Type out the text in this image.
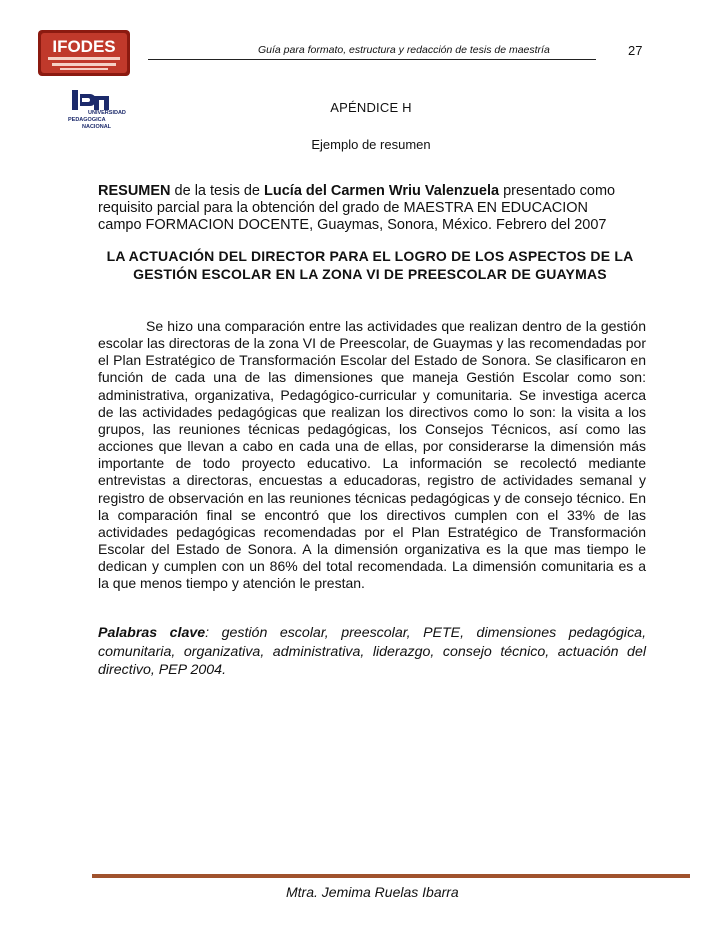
IFODES
UNIVERSIDAD
PEDAGOGICA
NACIONAL
Guía para formato, estructura y redacción de tesis de maestría	27
APÉNDICE H
Ejemplo de resumen
RESUMEN de la tesis de Lucía del Carmen Wriu Valenzuela presentado como requisito parcial para la obtención del grado de MAESTRA EN EDUCACION campo FORMACION DOCENTE, Guaymas, Sonora, México. Febrero del 2007
LA ACTUACIÓN DEL DIRECTOR PARA EL LOGRO DE LOS ASPECTOS DE LA GESTIÓN ESCOLAR EN LA ZONA VI DE PREESCOLAR DE GUAYMAS
Se hizo una comparación entre las actividades que realizan dentro de la gestión escolar las directoras de la zona VI de Preescolar, de Guaymas y las recomendadas por el Plan Estratégico de Transformación Escolar del Estado de Sonora. Se clasificaron en función de cada una de las dimensiones que maneja Gestión Escolar como son: administrativa, organizativa, Pedagógico-curricular y comunitaria. Se investiga acerca de las actividades pedagógicas que realizan los directivos como lo son: la visita a los grupos, las reuniones técnicas pedagógicas, los Consejos Técnicos, así como las acciones que llevan a cabo en cada una de ellas, por considerarse la dimensión más importante de todo proyecto educativo. La información se recolectó mediante entrevistas a directoras, encuestas a educadoras, registro de actividades semanal y registro de observación en las reuniones técnicas pedagógicas y de consejo técnico. En la comparación final se encontró que los directivos cumplen con el 33% de las actividades pedagógicas recomendadas por el Plan Estratégico de Transformación Escolar del Estado de Sonora. A la dimensión organizativa es la que mas tiempo le dedican y cumplen con un 86% del total recomendada. La dimensión comunitaria es a la que menos tiempo y atención le prestan.
Palabras clave: gestión escolar, preescolar, PETE, dimensiones pedagógica, comunitaria, organizativa, administrativa, liderazgo, consejo técnico, actuación del directivo, PEP 2004.
Mtra. Jemima Ruelas Ibarra
